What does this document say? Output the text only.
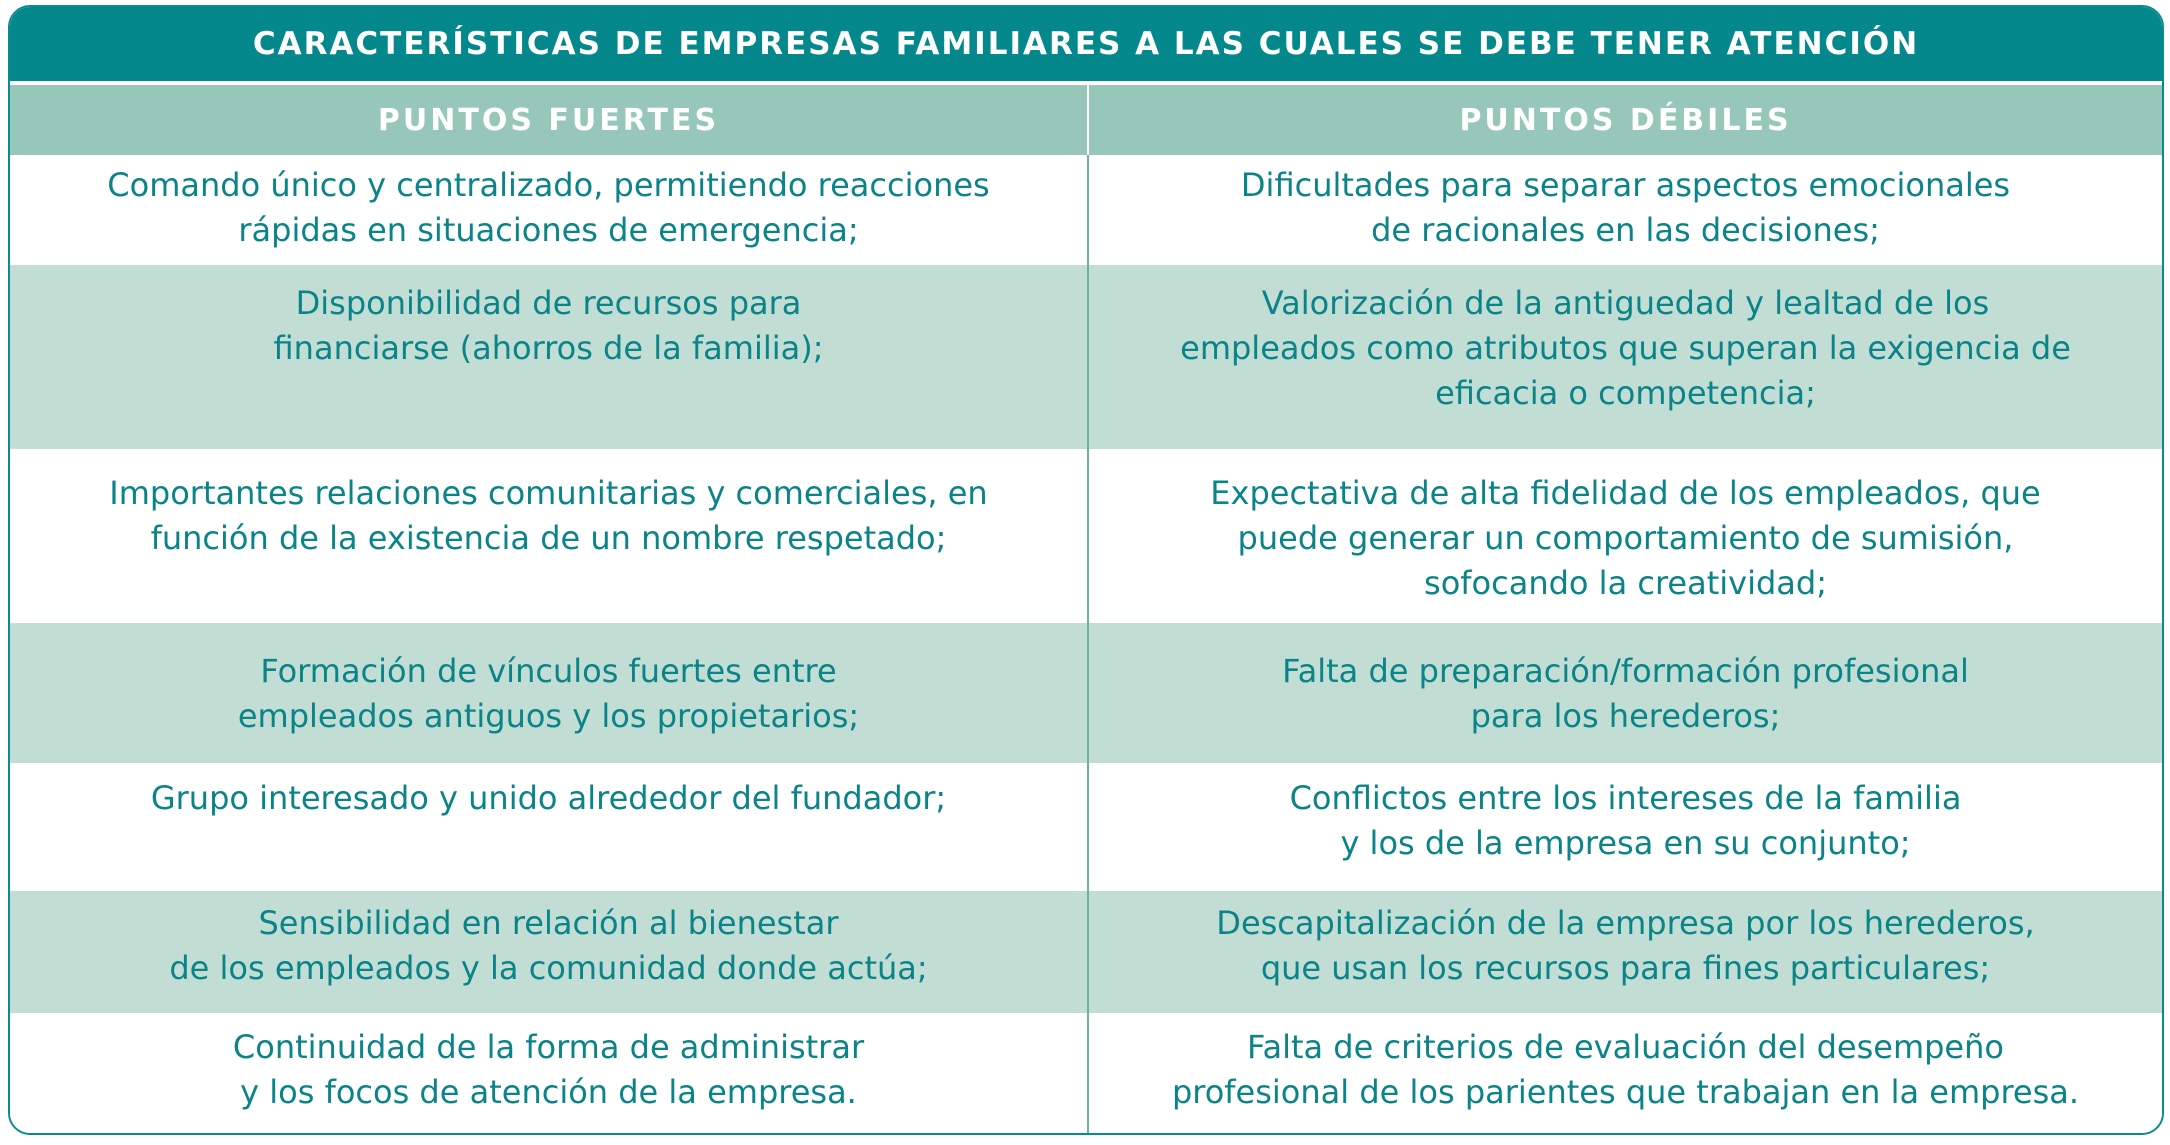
CARACTERÍSTICAS DE EMPRESAS FAMILIARES A LAS CUALES SE DEBE TENER ATENCIÓN
PUNTOS FUERTES	PUNTOS DÉBILES
Comando único y centralizado, permitiendo reacciones
rápidas en situaciones de emergencia;
Dificultades para separar aspectos emocionales
de racionales en las decisiones;
Disponibilidad de recursos para
financiarse (ahorros de la familia);
Valorización de la antiguedad y lealtad de los
empleados como atributos que superan la exigencia de
eficacia o competencia;
Importantes relaciones comunitarias y comerciales, en
función de la existencia de un nombre respetado;
Expectativa de alta fidelidad de los empleados, que
puede generar un comportamiento de sumisión,
sofocando la creatividad;
Formación de vínculos fuertes entre
empleados antiguos y los propietarios;
Falta de preparación/formación profesional
para los herederos;
Grupo interesado y unido alrededor del fundador;	Conflictos entre los intereses de la familia
y los de la empresa en su conjunto;
Sensibilidad en relación al bienestar
de los empleados y la comunidad donde actúa;
Descapitalización de la empresa por los herederos,
que usan los recursos para fines particulares;
Continuidad de la forma de administrar
y los focos de atención de la empresa.
Falta de criterios de evaluación del desempeño
profesional de los parientes que trabajan en la empresa.
